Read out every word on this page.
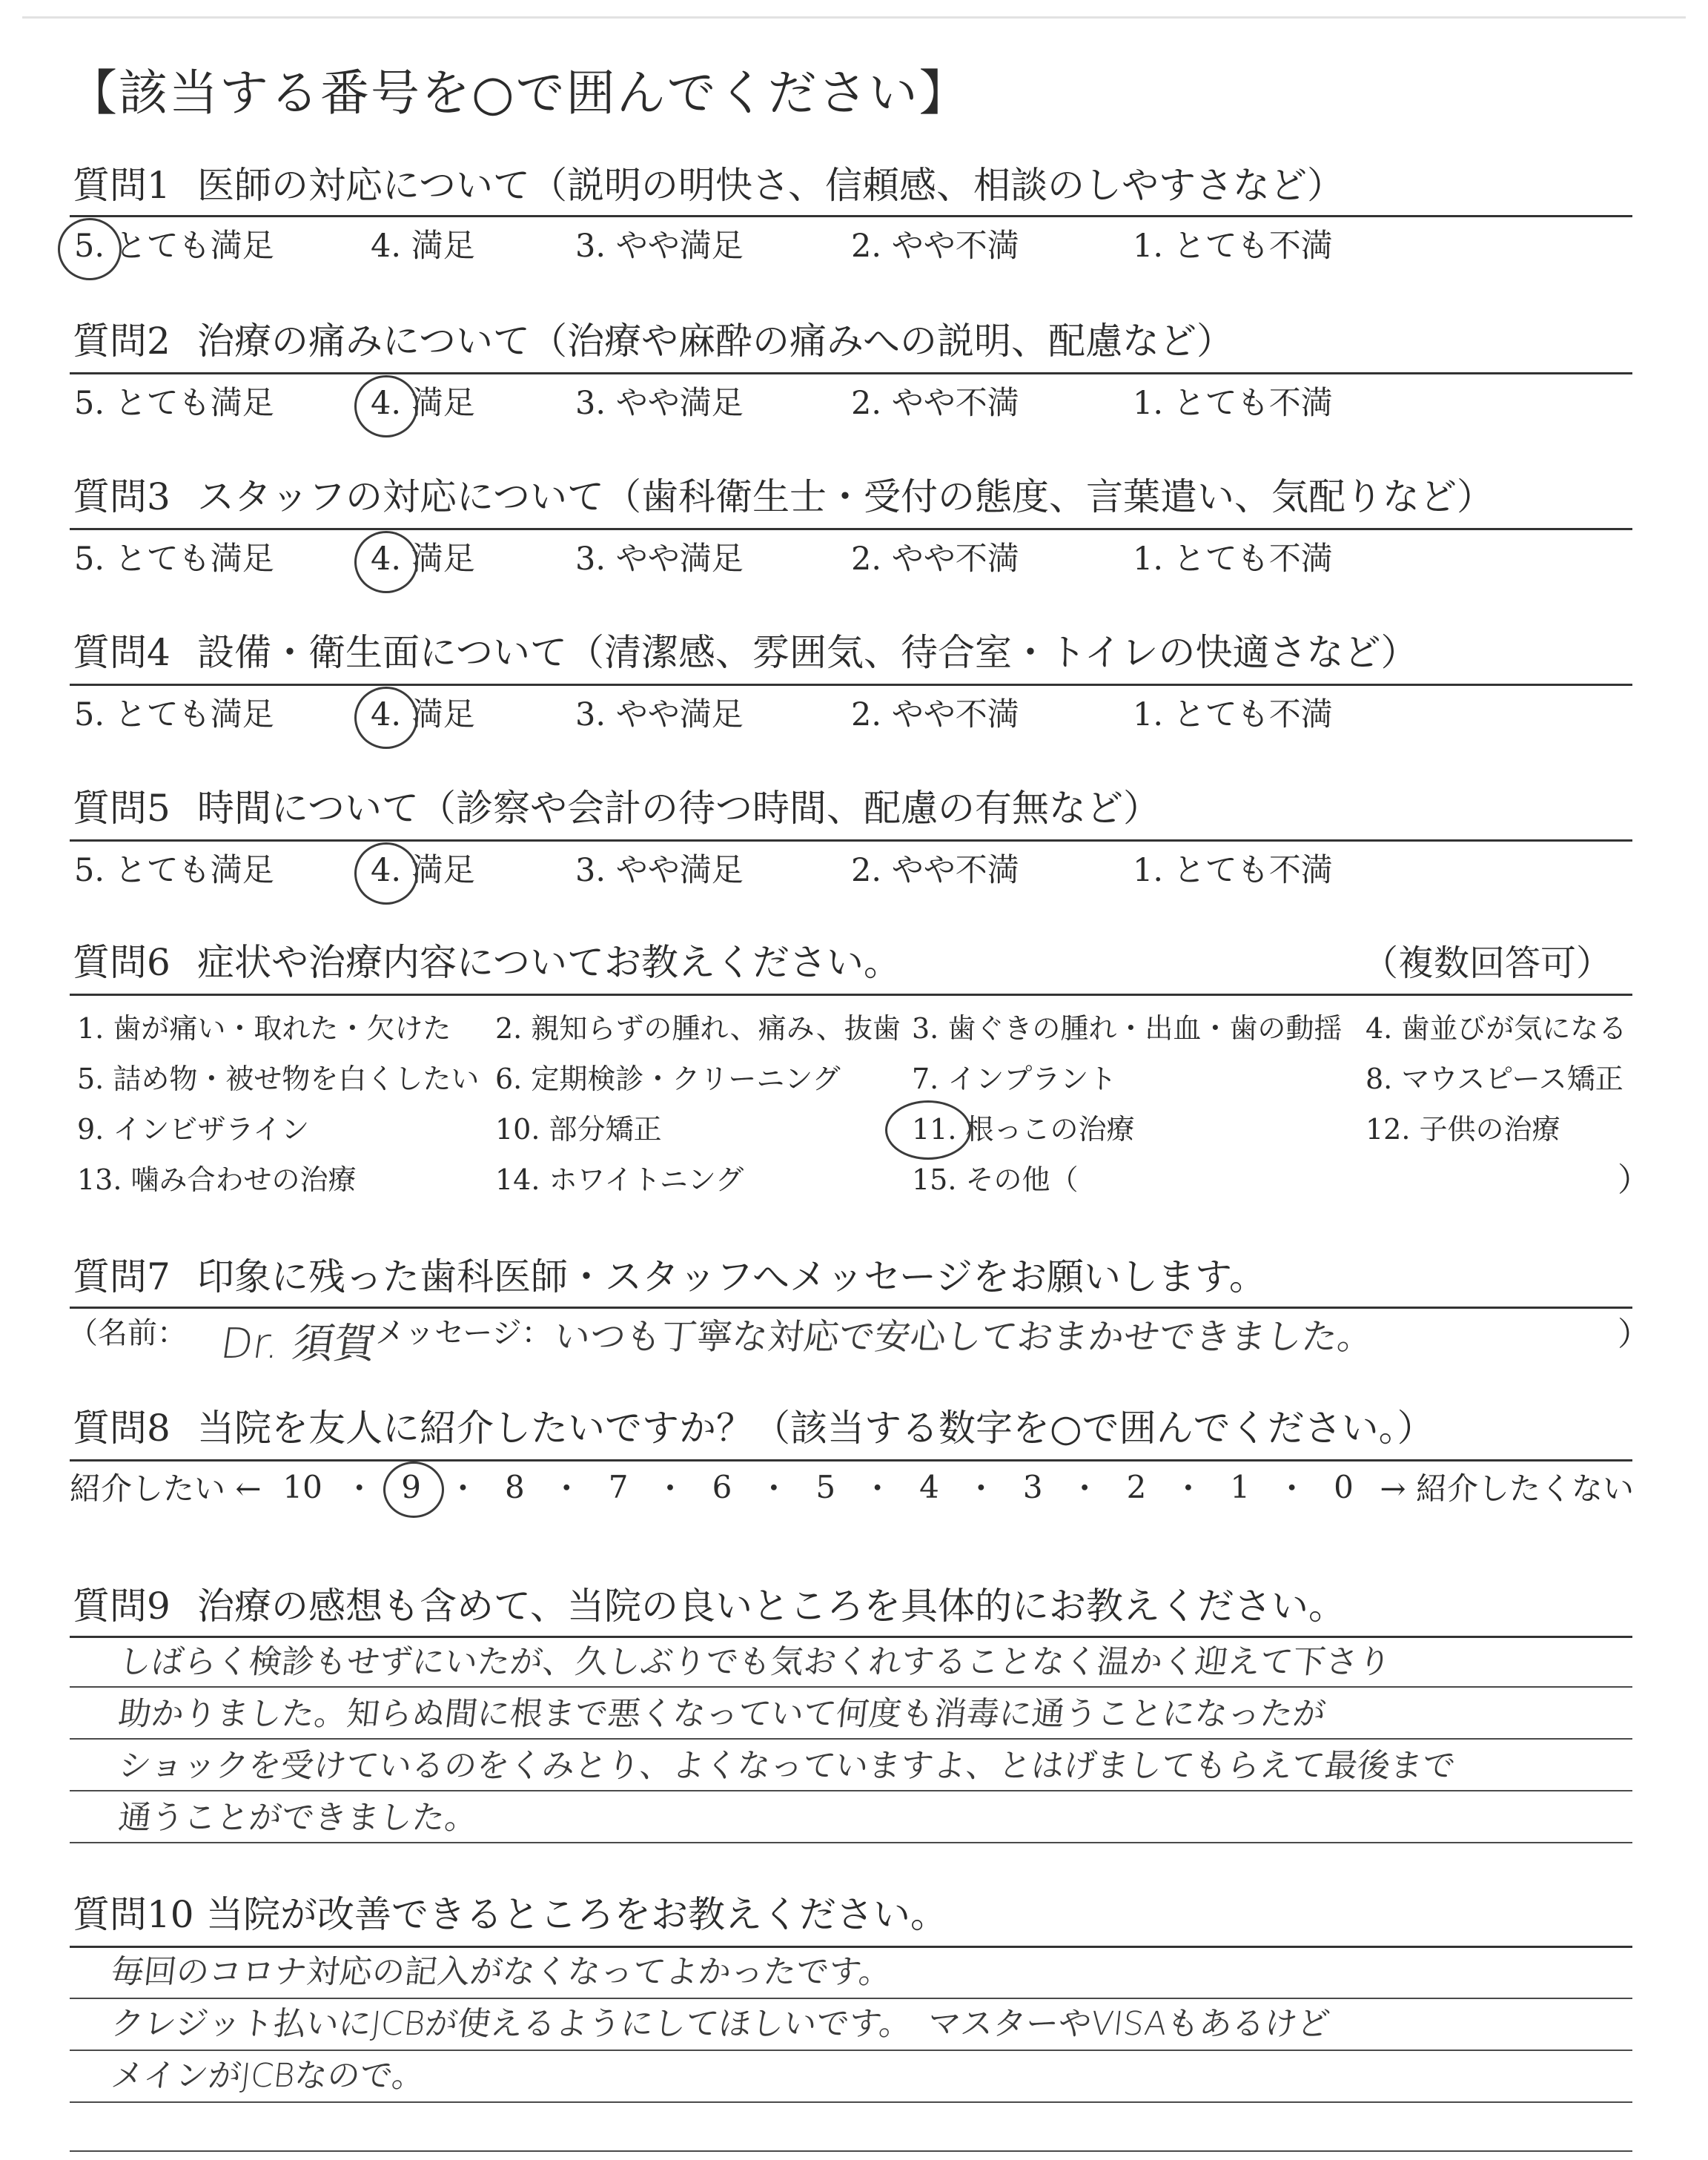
【該当する番号を○で囲んでください】
質問1 医師の対応について（説明の明快さ、信頼感、相談のしやすさなど）
5. とても満足	4. 満足	3. やや満足	2. やや不満	1. とても不満
質問2 治療の痛みについて（治療や麻酔の痛みへの説明、配慮など）
5. とても満足	4. 満足	3. やや満足	2. やや不満	1. とても不満
質問3 スタッフの対応について（歯科衛生士・受付の態度、言葉遣い、気配りなど）
5. とても満足	4. 満足	3. やや満足	2. やや不満	1. とても不満
質問4 設備・衛生面について（清潔感、雰囲気、待合室・トイレの快適さなど）
5. とても満足	4. 満足	3. やや満足	2. やや不満	1. とても不満
質問5 時間について（診察や会計の待つ時間、配慮の有無など）
5. とても満足	4. 満足	3. やや満足	2. やや不満	1. とても不満
質問6 症状や治療内容についてお教えください。	（複数回答可）
1. 歯が痛い・取れた・欠けた 2. 親知らずの腫れ、痛み、抜歯 3. 歯ぐきの腫れ・出血・歯の動揺 4. 歯並びが気になる
5. 詰め物・被せ物を白くしたい 6. 定期検診・クリーニング	7. インプラント	8. マウスピース矯正
9. インビザライン	10. 部分矯正	11. 根っこの治療	12. 子供の治療
13. 噛み合わせの治療	14. ホワイトニング	15. その他（	）
質問7 印象に残った歯科医師・スタッフへメッセージをお願いします。
（名前： Dr. 須賀
メッセージ： いつも丁寧な対応で安心しておまかせできました。	）
質問8 当院を友人に紹介したいですか？（該当する数字を○で囲んでください。）
紹介したい ← 10 ・ 9 ・ 8 ・ 7 ・ 6 ・ 5 ・ 4 ・ 3 ・ 2 ・ 1 ・ 0 → 紹介したくない
質問9 治療の感想も含めて、当院の良いところを具体的にお教えください。
しばらく検診もせずにいたが、久しぶりでも気おくれすることなく温かく迎えて下さり
助かりました。知らぬ間に根まで悪くなっていて何度も消毒に通うことになったが
ショックを受けているのをくみとり、よくなっていますよ、とはげましてもらえて最後まで
通うことができました。
質問10 当院が改善できるところをお教えください。
毎回のコロナ対応の記入がなくなってよかったです。
クレジット払いにJCBが使えるようにしてほしいです。　マスターやVISAもあるけど
メインがJCBなので。
